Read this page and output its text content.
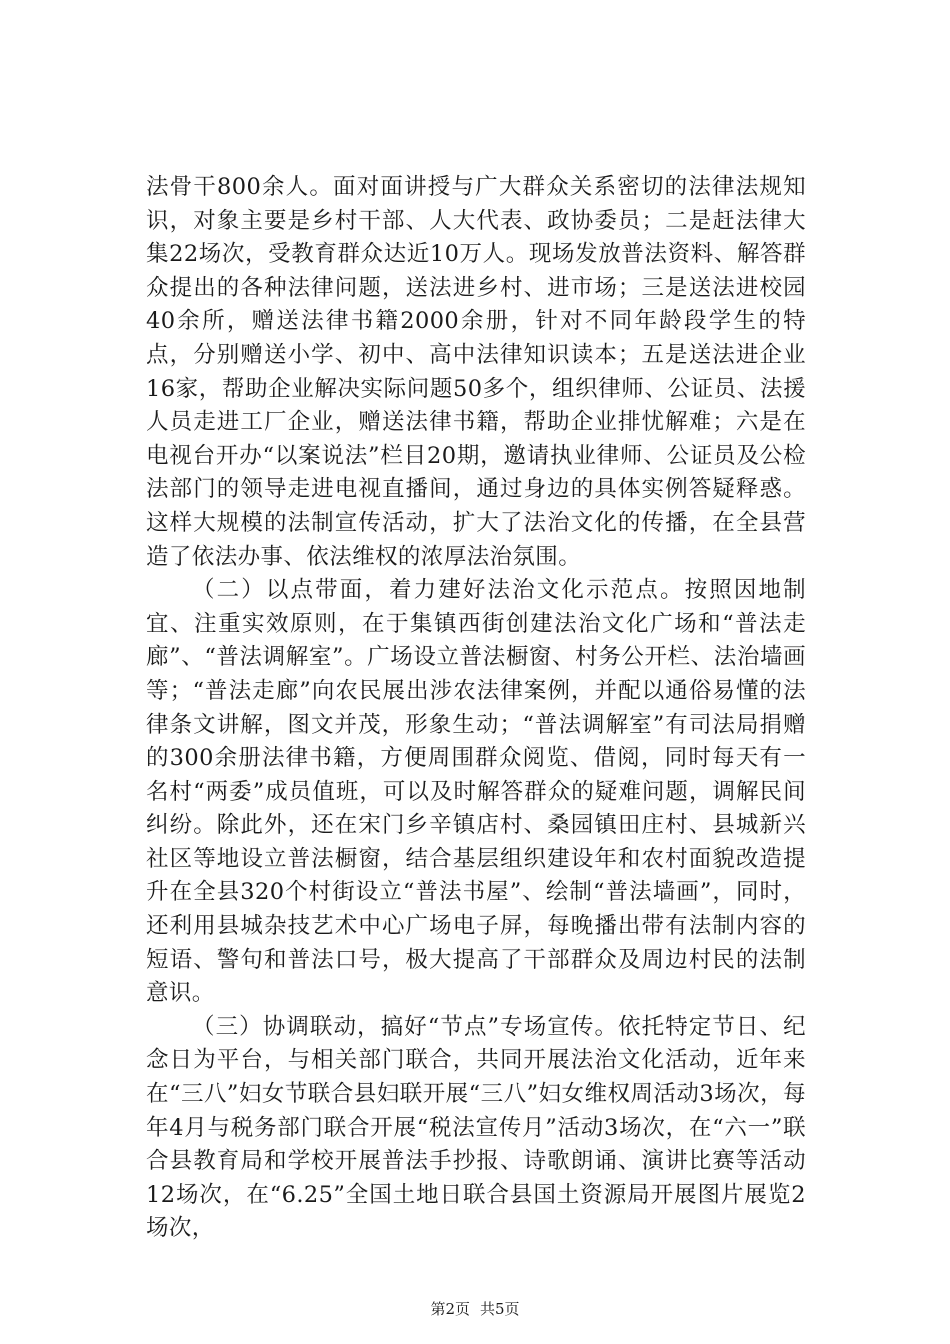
法骨干800余人。面对面讲授与广大群众关系密切的法律法规知识，对象主要是乡村干部、人大代表、政协委员；二是赶法律大集22场次，受教育群众达近10万人。现场发放普法资料、解答群众提出的各种法律问题，送法进乡村、进市场；三是送法进校园40余所，赠送法律书籍2000余册，针对不同年龄段学生的特点，分别赠送小学、初中、高中法律知识读本；五是送法进企业16家，帮助企业解决实际问题50多个，组织律师、公证员、法援人员走进工厂企业，赠送法律书籍，帮助企业排忧解难；六是在电视台开办“以案说法”栏目20期，邀请执业律师、公证员及公检法部门的领导走进电视直播间，通过身边的具体实例答疑释惑。这样大规模的法制宣传活动，扩大了法治文化的传播，在全县营造了依法办事、依法维权的浓厚法治氛围。

（二）以点带面，着力建好法治文化示范点。按照因地制宜、注重实效原则，在于集镇西街创建法治文化广场和“普法走廊”、“普法调解室”。广场设立普法橱窗、村务公开栏、法治墙画等；“普法走廊”向农民展出涉农法律案例，并配以通俗易懂的法律条文讲解，图文并茂，形象生动；“普法调解室”有司法局捐赠的300余册法律书籍，方便周围群众阅览、借阅，同时每天有一名村“两委”成员值班，可以及时解答群众的疑难问题，调解民间纠纷。除此外，还在宋门乡辛镇店村、桑园镇田庄村、县城新兴社区等地设立普法橱窗，结合基层组织建设年和农村面貌改造提升在全县320个村街设立“普法书屋”、绘制“普法墙画”，同时，还利用县城杂技艺术中心广场电子屏，每晚播出带有法制内容的短语、警句和普法口号，极大提高了干部群众及周边村民的法制意识。

（三）协调联动，搞好“节点”专场宣传。依托特定节日、纪念日为平台，与相关部门联合，共同开展法治文化活动，近年来在“三八”妇女节联合县妇联开展“三八”妇女维权周活动3场次，每年4月与税务部门联合开展“税法宣传月”活动3场次，在“六一”联合县教育局和学校开展普法手抄报、诗歌朗诵、演讲比赛等活动12场次，在“6.25”全国土地日联合县国土资源局开展图片展览2场次，

第2页 共5页
